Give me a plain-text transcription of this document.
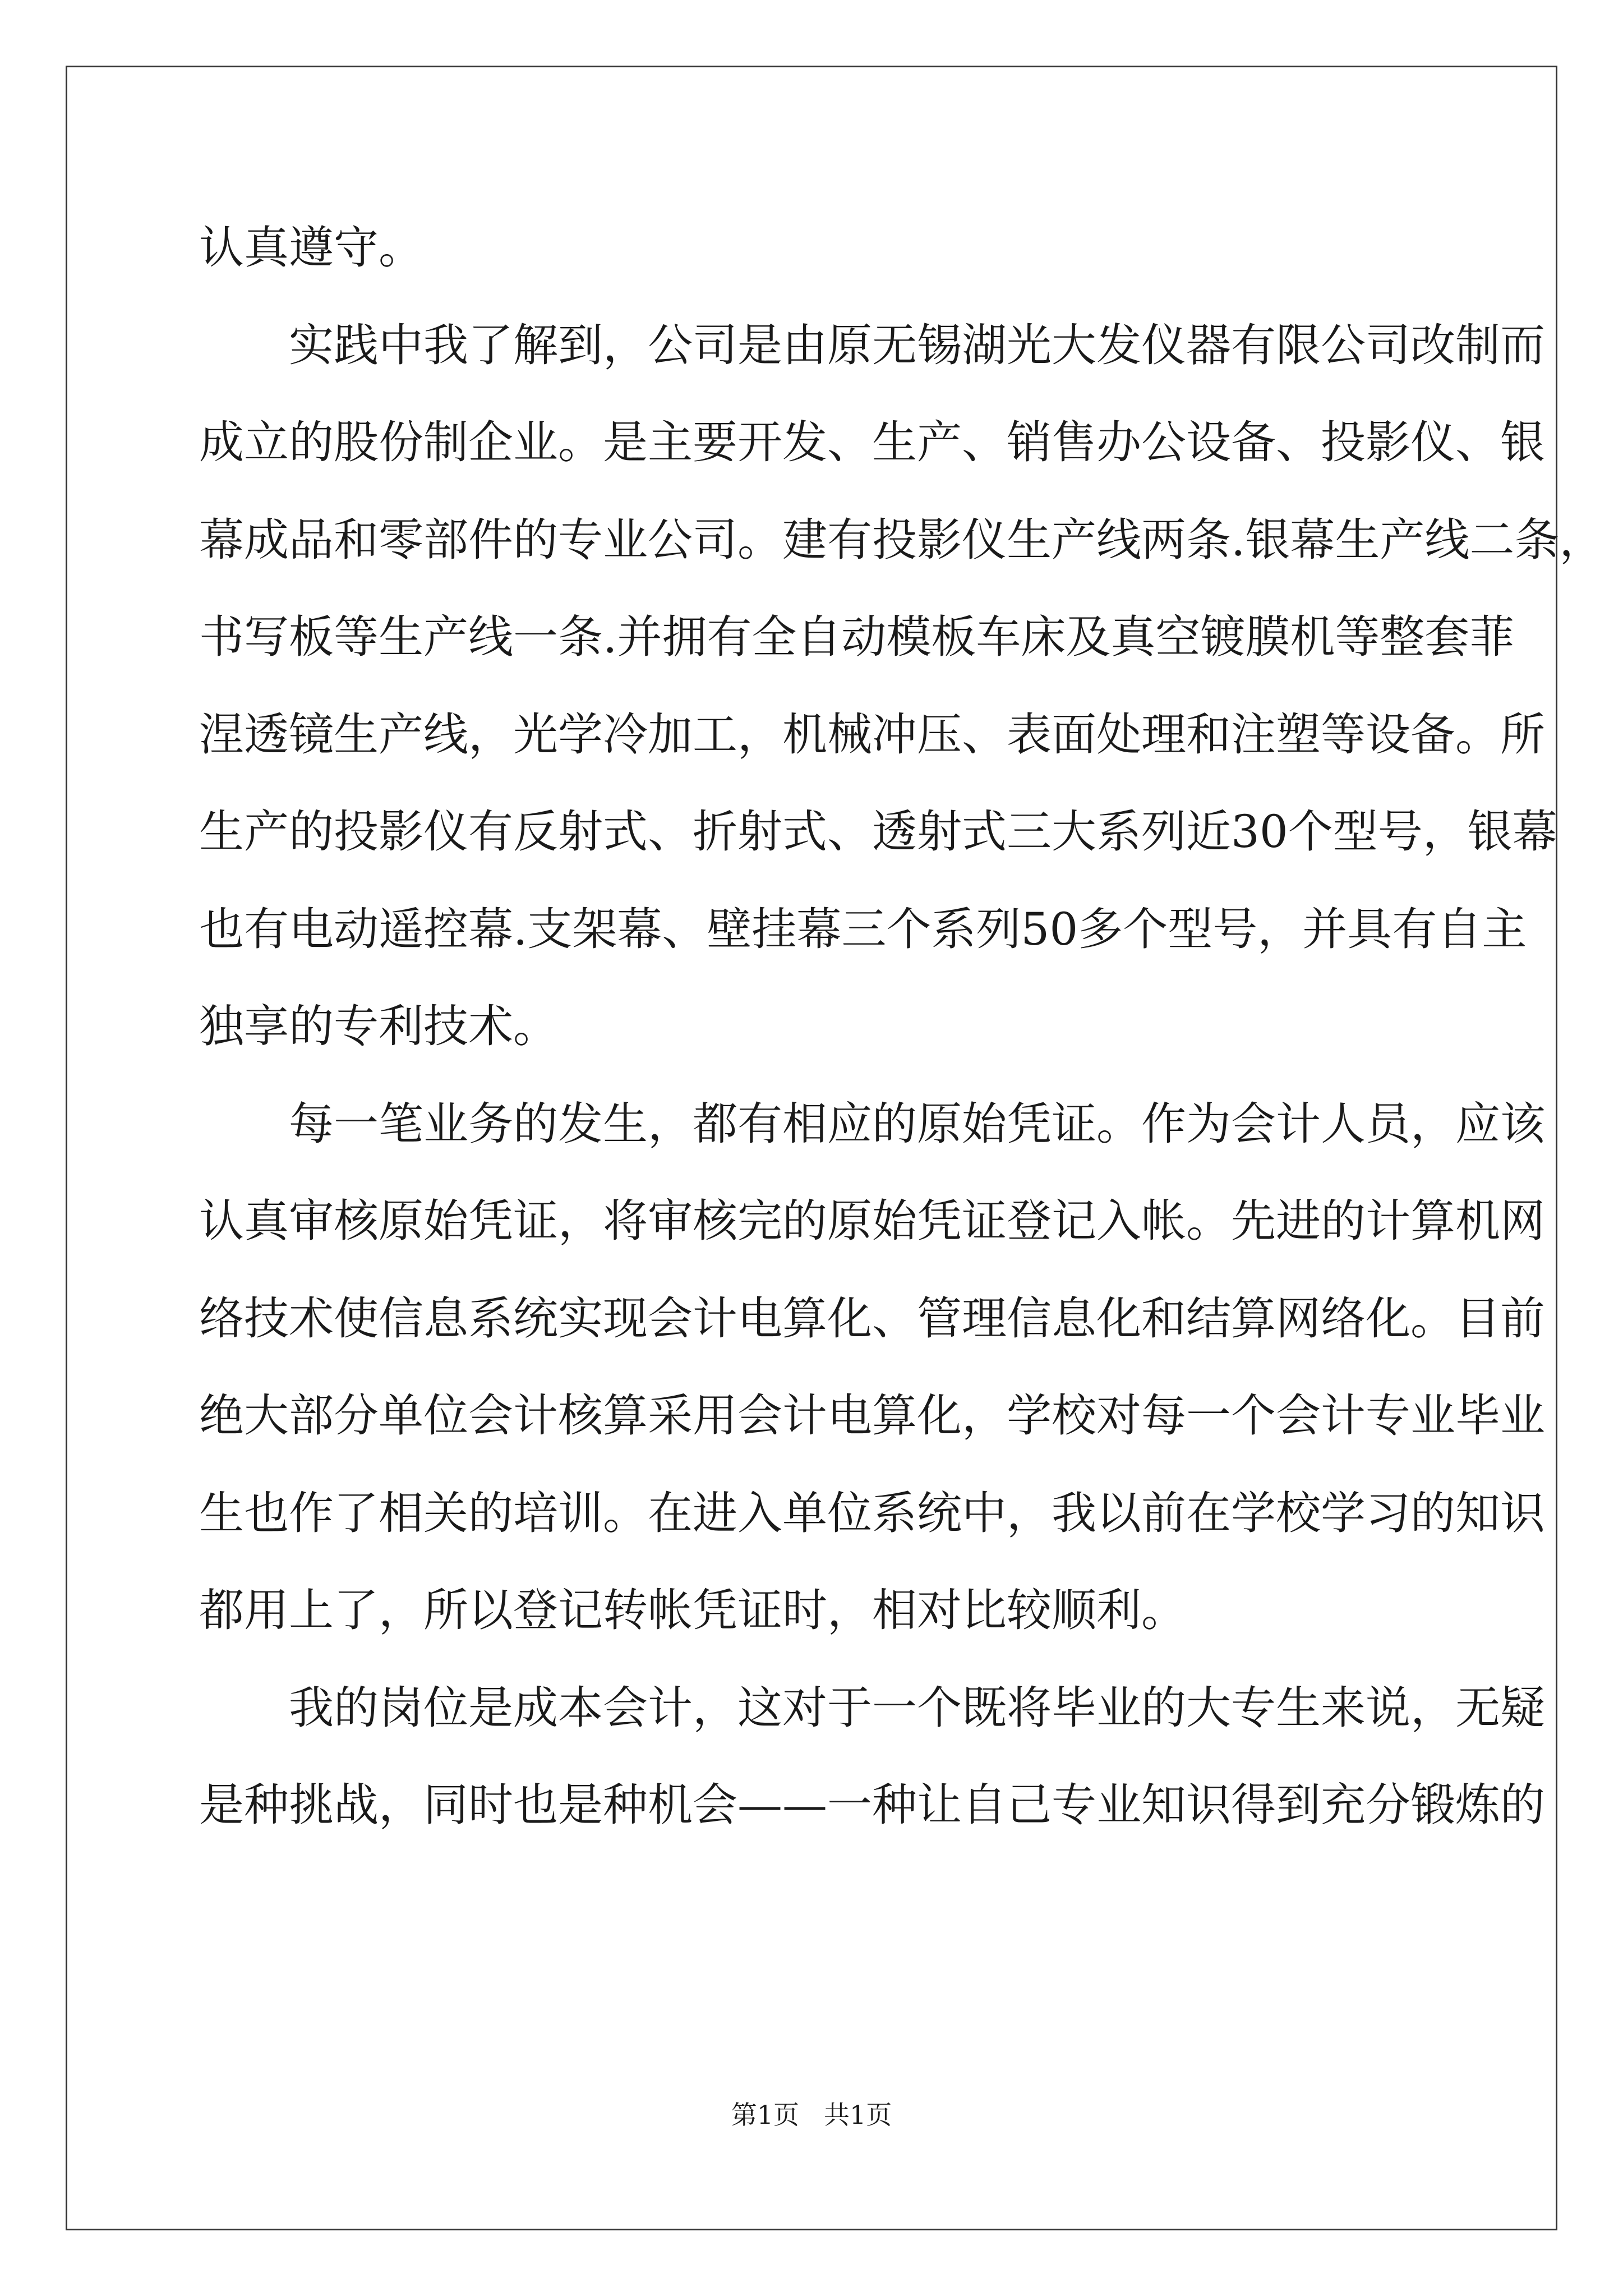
认真遵守。
实践中我了解到，公司是由原无锡湖光大发仪器有限公司改制而
成立的股份制企业。是主要开发、生产、销售办公设备、投影仪、银
幕成品和零部件的专业公司。建有投影仪生产线两条.银幕生产线二条，
书写板等生产线一条.并拥有全自动模板车床及真空镀膜机等整套菲
涅透镜生产线，光学冷加工，机械冲压、表面处理和注塑等设备。所
生产的投影仪有反射式、折射式、透射式三大系列近30个型号，银幕
也有电动遥控幕.支架幕、壁挂幕三个系列50多个型号，并具有自主
独享的专利技术。
每一笔业务的发生，都有相应的原始凭证。作为会计人员，应该
认真审核原始凭证，将审核完的原始凭证登记入帐。先进的计算机网
络技术使信息系统实现会计电算化、管理信息化和结算网络化。目前
绝大部分单位会计核算采用会计电算化，学校对每一个会计专业毕业
生也作了相关的培训。在进入单位系统中，我以前在学校学习的知识
都用上了，所以登记转帐凭证时，相对比较顺利。
我的岗位是成本会计，这对于一个既将毕业的大专生来说，无疑
是种挑战，同时也是种机会——一种让自己专业知识得到充分锻炼的
第1页 共1页
